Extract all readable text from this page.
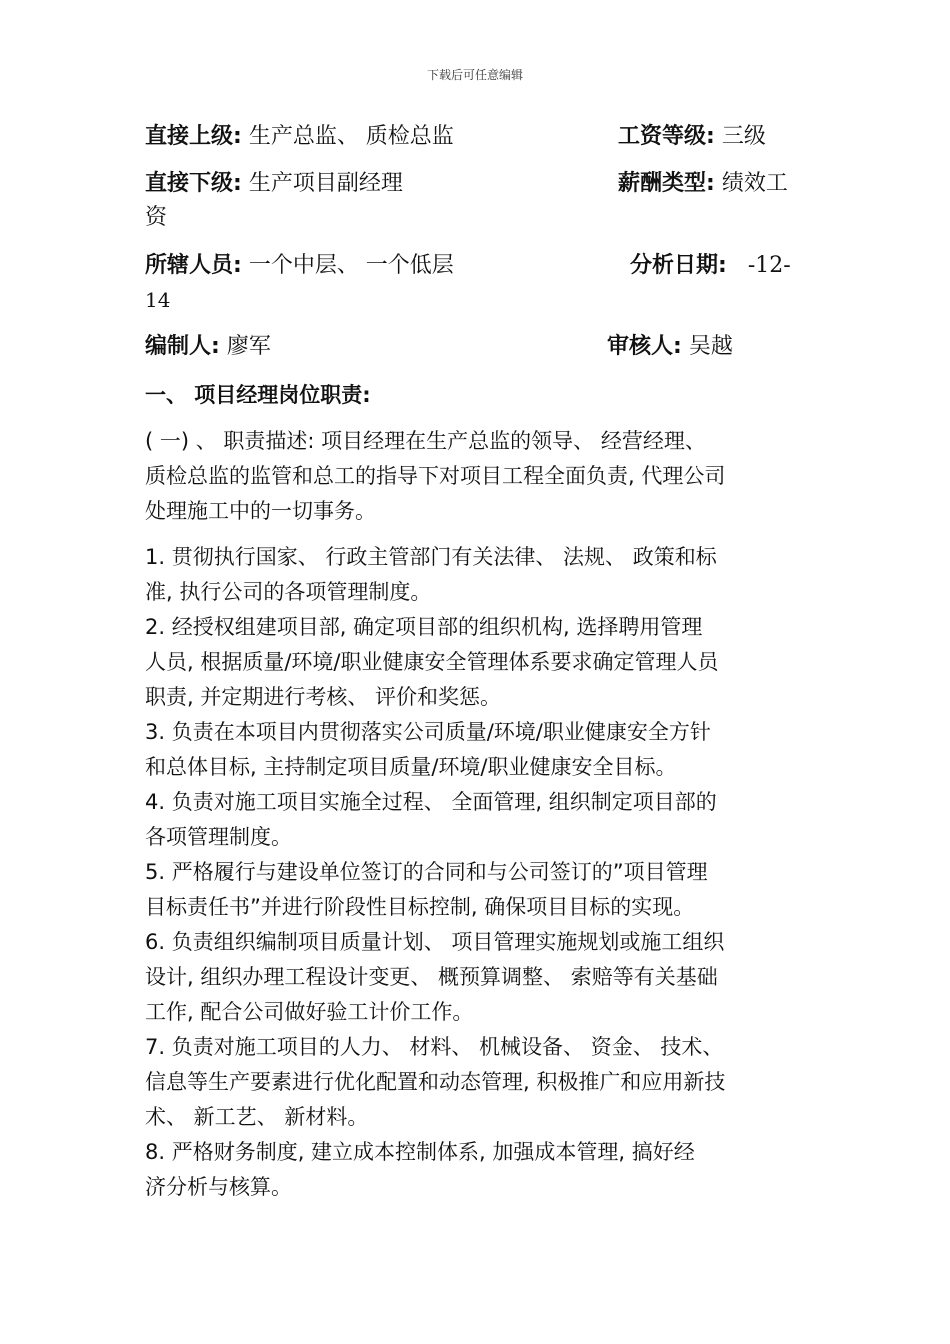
下载后可任意编辑
直接上级: 生产总监、 质检总监	工资等级: 三级
直接下级: 生产项目副经理	薪酬类型: 绩效工
资
所辖人员: 一个中层、 一个低层	分析日期: -12-
14
编制人: 廖军	审核人: 吴越
一、 项目经理岗位职责:
( 一) 、 职责描述: 项目经理在生产总监的领导、 经营经理、
质检总监的监管和总工的指导下对项目工程全面负责, 代理公司
处理施工中的一切事务。
1. 贯彻执行国家、 行政主管部门有关法律、 法规、 政策和标
准, 执行公司的各项管理制度。
2. 经授权组建项目部, 确定项目部的组织机构, 选择聘用管理
人员, 根据质量/环境/职业健康安全管理体系要求确定管理人员
职责, 并定期进行考核、 评价和奖惩。
3. 负责在本项目内贯彻落实公司质量/环境/职业健康安全方针
和总体目标, 主持制定项目质量/环境/职业健康安全目标。
4. 负责对施工项目实施全过程、 全面管理, 组织制定项目部的
各项管理制度。
5. 严格履行与建设单位签订的合同和与公司签订的”项目管理
目标责任书”并进行阶段性目标控制, 确保项目目标的实现。
6. 负责组织编制项目质量计划、 项目管理实施规划或施工组织
设计, 组织办理工程设计变更、 概预算调整、 索赔等有关基础
工作, 配合公司做好验工计价工作。
7. 负责对施工项目的人力、 材料、 机械设备、 资金、 技术、
信息等生产要素进行优化配置和动态管理, 积极推广和应用新技
术、 新工艺、 新材料。
8. 严格财务制度, 建立成本控制体系, 加强成本管理, 搞好经
济分析与核算。
